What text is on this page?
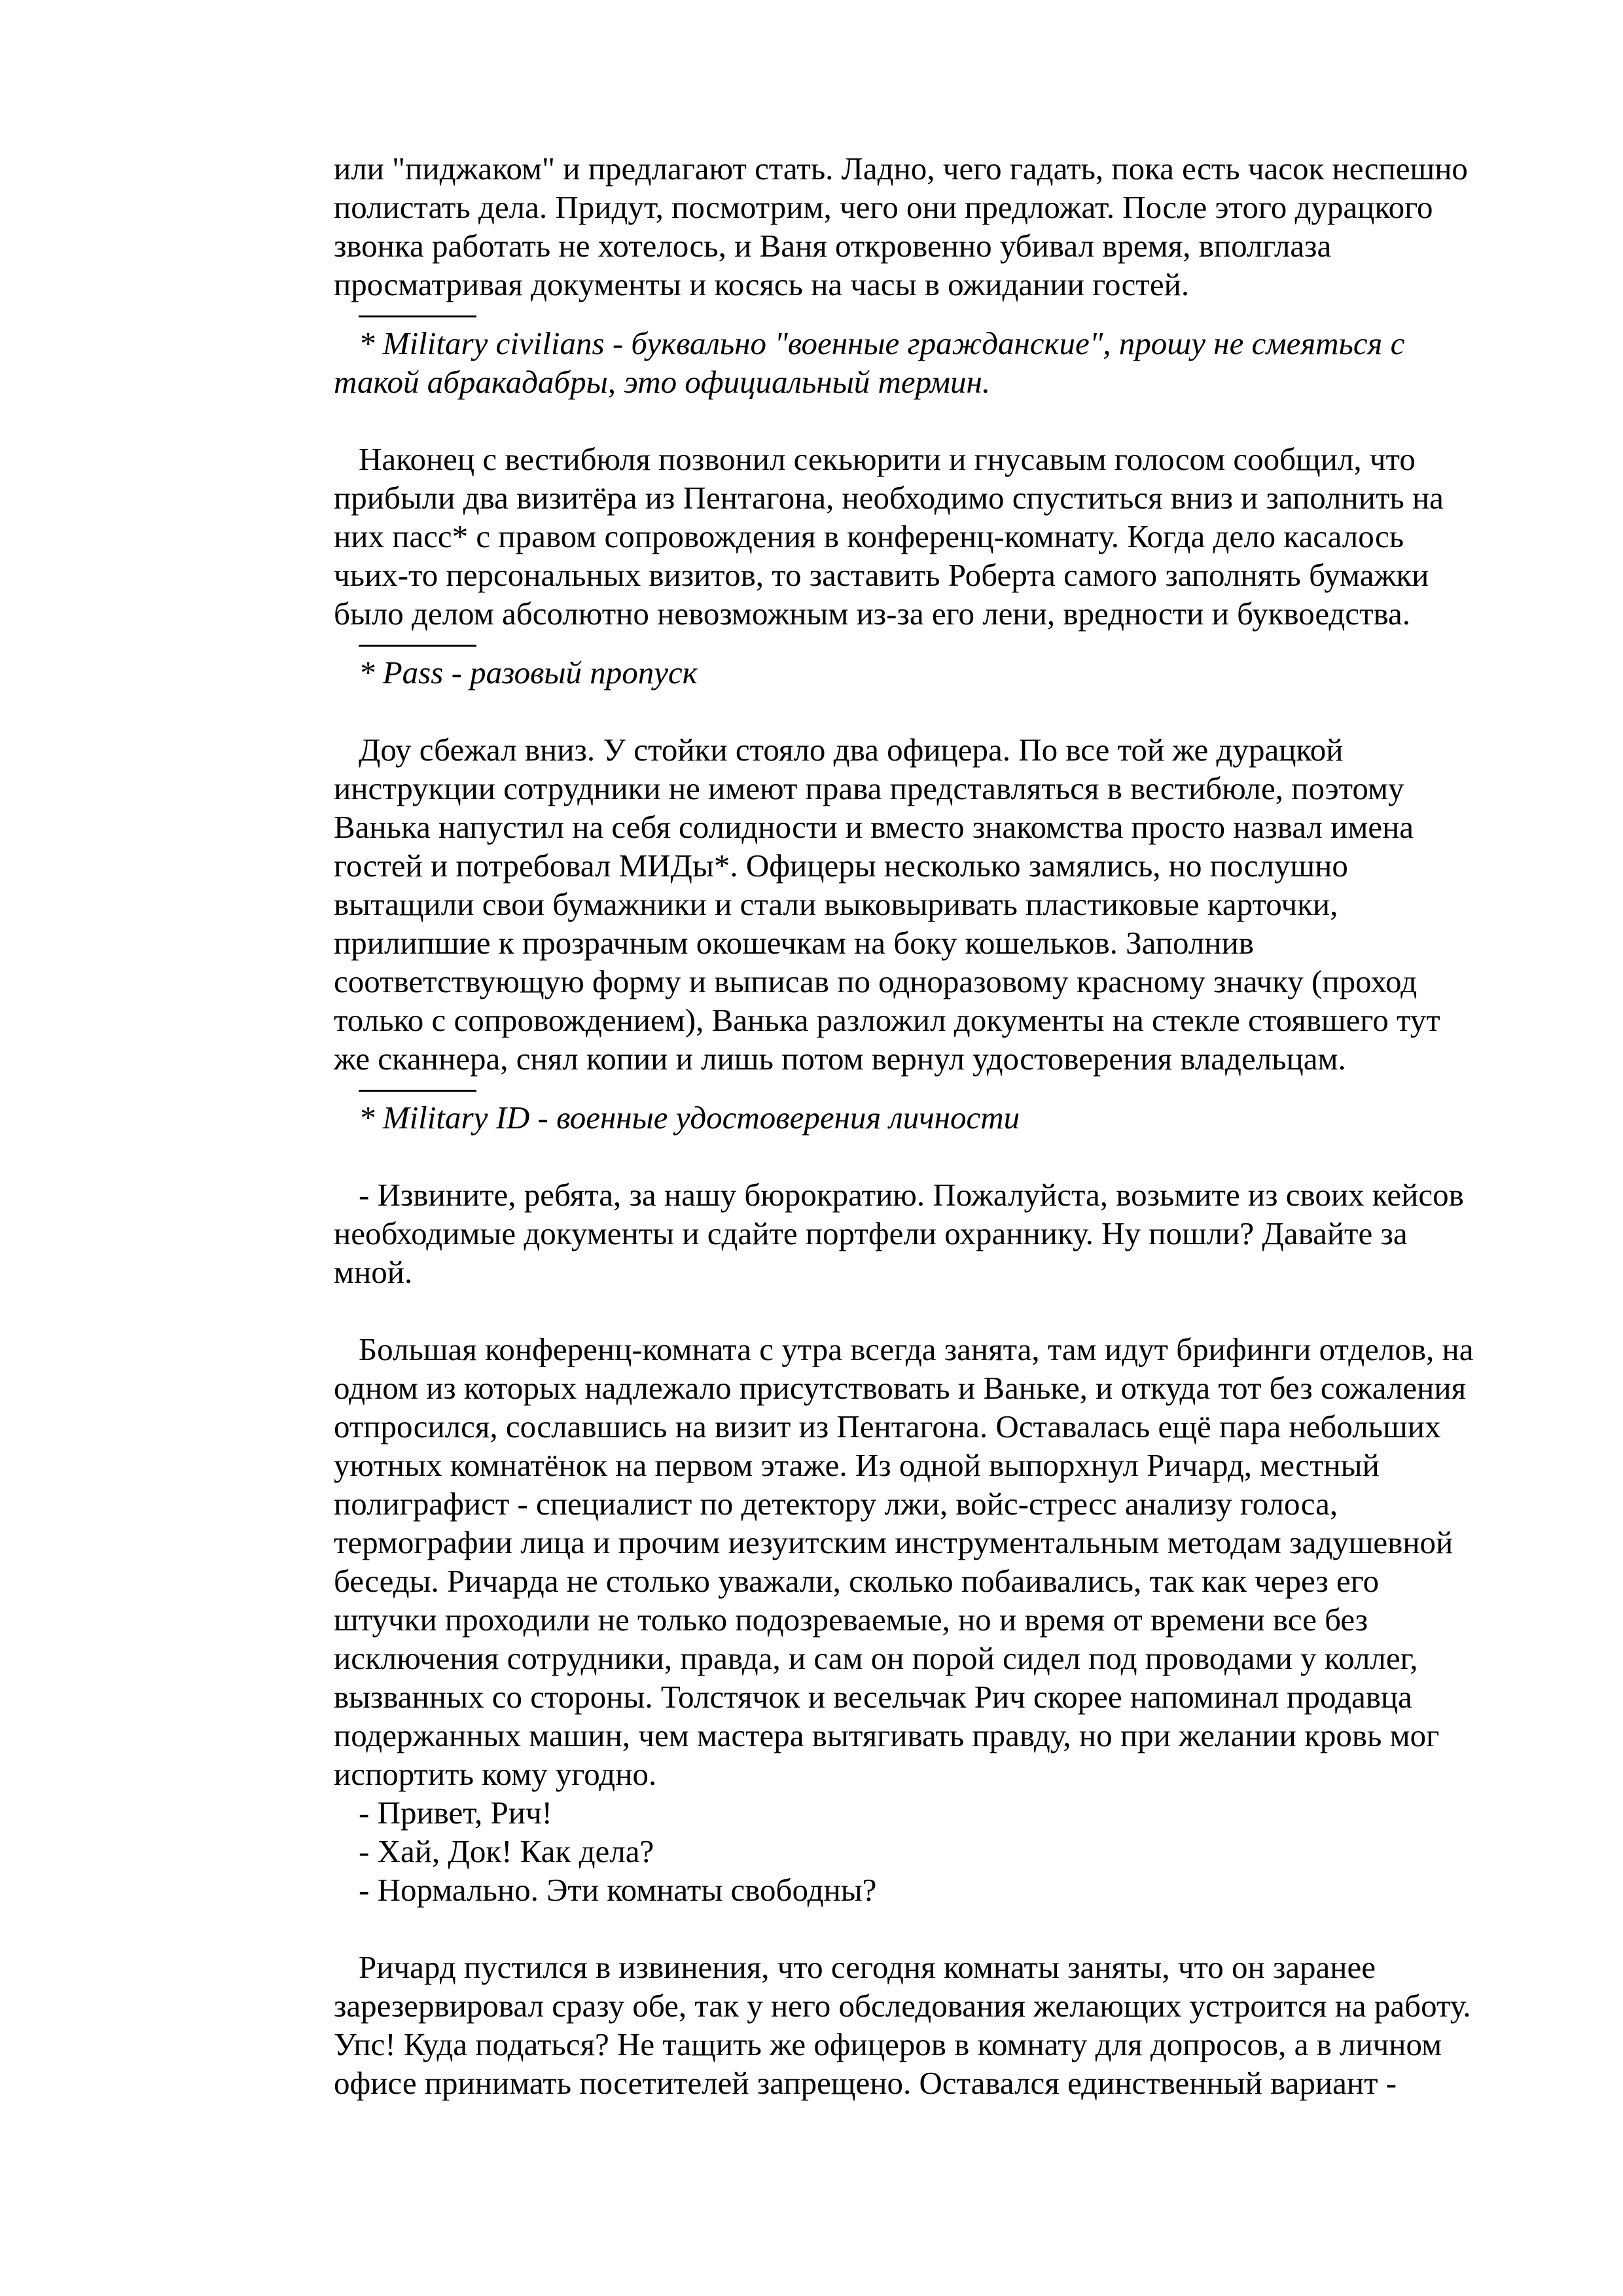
или "пиджаком" и предлагают стать. Ладно, чего гадать, пока есть часок неспешно
полистать дела. Придут, посмотрим, чего они предложат. После этого дурацкого
звонка работать не хотелось, и Ваня откровенно убивал время, вполглаза
просматривая документы и косясь на часы в ожидании гостей.

* Military civilians - буквально "военные гражданские", прошу не смеяться с
такой абракадабры, это официальный термин.

Наконец с вестибюля позвонил секьюрити и гнусавым голосом сообщил, что
прибыли два визитёра из Пентагона, необходимо спуститься вниз и заполнить на
них пасс* с правом сопровождения в конференц-комнату. Когда дело касалось
чьих-то персональных визитов, то заставить Роберта самого заполнять бумажки
было делом абсолютно невозможным из-за его лени, вредности и буквоедства.

* Pass - разовый пропуск

Доу сбежал вниз. У стойки стояло два офицера. По все той же дурацкой
инструкции сотрудники не имеют права представляться в вестибюле, поэтому
Ванька напустил на себя солидности и вместо знакомства просто назвал имена
гостей и потребовал МИДы*. Офицеры несколько замялись, но послушно
вытащили свои бумажники и стали выковыривать пластиковые карточки,
прилипшие к прозрачным окошечкам на боку кошельков. Заполнив
соответствующую форму и выписав по одноразовому красному значку (проход
только с сопровождением), Ванька разложил документы на стекле стоявшего тут
же сканнера, снял копии и лишь потом вернул удостоверения владельцам.

* Military ID - военные удостоверения личности

- Извините, ребята, за нашу бюрократию. Пожалуйста, возьмите из своих кейсов
необходимые документы и сдайте портфели охраннику. Ну пошли? Давайте за
мной.

Большая конференц-комната с утра всегда занята, там идут брифинги отделов, на
одном из которых надлежало присутствовать и Ваньке, и откуда тот без сожаления
отпросился, сославшись на визит из Пентагона. Оставалась ещё пара небольших
уютных комнатёнок на первом этаже. Из одной выпорхнул Ричард, местный
полиграфист - специалист по детектору лжи, войс-стресс анализу голоса,
термографии лица и прочим иезуитским инструментальным методам задушевной
беседы. Ричарда не столько уважали, сколько побаивались, так как через его
штучки проходили не только подозреваемые, но и время от времени все без
исключения сотрудники, правда, и сам он порой сидел под проводами у коллег,
вызванных со стороны. Толстячок и весельчак Рич скорее напоминал продавца
подержанных машин, чем мастера вытягивать правду, но при желании кровь мог
испортить кому угодно.

- Привет, Рич!

- Хай, Док! Как дела?

- Нормально. Эти комнаты свободны?

Ричард пустился в извинения, что сегодня комнаты заняты, что он заранее
зарезервировал сразу обе, так у него обследования желающих устроится на работу.
Упс! Куда податься? Не тащить же офицеров в комнату для допросов, а в личном
офисе принимать посетителей запрещено. Оставался единственный вариант -
